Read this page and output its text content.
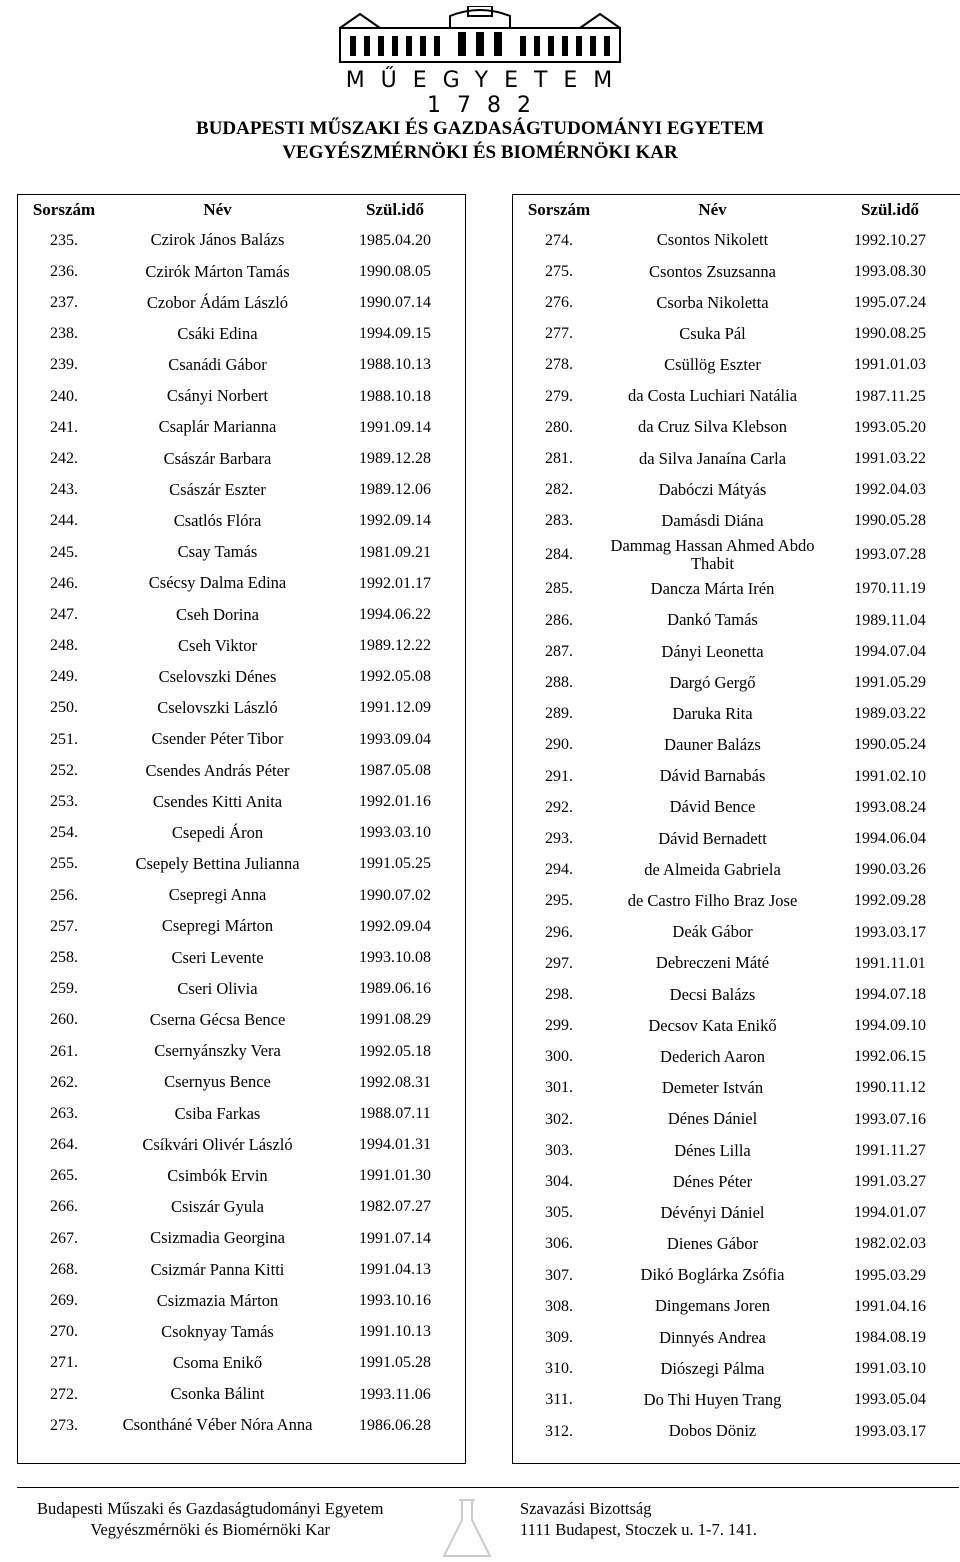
MŰEGYETEM 1782
BUDAPESTI MŰSZAKI ÉS GAZDASÁGTUDOMÁNYI EGYETEM
VEGYÉSZMÉRNÖKI ÉS BIOMÉRNÖKI KAR
Sorszám	Név	Szül.idő
235.	Czirok János Balázs	1985.04.20
236.	Czirók Márton Tamás	1990.08.05
237.	Czobor Ádám László	1990.07.14
238.	Csáki Edina	1994.09.15
239.	Csanádi Gábor	1988.10.13
240.	Csányi Norbert	1988.10.18
241.	Csaplár Marianna	1991.09.14
242.	Császár Barbara	1989.12.28
243.	Császár Eszter	1989.12.06
244.	Csatlós Flóra	1992.09.14
245.	Csay Tamás	1981.09.21
246.	Csécsy Dalma Edina	1992.01.17
247.	Cseh Dorina	1994.06.22
248.	Cseh Viktor	1989.12.22
249.	Cselovszki Dénes	1992.05.08
250.	Cselovszki László	1991.12.09
251.	Csender Péter Tibor	1993.09.04
252.	Csendes András Péter	1987.05.08
253.	Csendes Kitti Anita	1992.01.16
254.	Csepedi Áron	1993.03.10
255.	Csepely Bettina Julianna	1991.05.25
256.	Csepregi Anna	1990.07.02
257.	Csepregi Márton	1992.09.04
258.	Cseri Levente	1993.10.08
259.	Cseri Olivia	1989.06.16
260.	Cserna Gécsa Bence	1991.08.29
261.	Csernyánszky Vera	1992.05.18
262.	Csernyus Bence	1992.08.31
263.	Csiba Farkas	1988.07.11
264.	Csíkvári Olivér László	1994.01.31
265.	Csimbók Ervin	1991.01.30
266.	Csiszár Gyula	1982.07.27
267.	Csizmadia Georgina	1991.07.14
268.	Csizmár Panna Kitti	1991.04.13
269.	Csizmazia Márton	1993.10.16
270.	Csoknyay Tamás	1991.10.13
271.	Csoma Enikő	1991.05.28
272.	Csonka Bálint	1993.11.06
273.	Csontháné Véber Nóra Anna	1986.06.28
Sorszám	Név	Szül.idő
274.	Csontos Nikolett	1992.10.27
275.	Csontos Zsuzsanna	1993.08.30
276.	Csorba Nikoletta	1995.07.24
277.	Csuka Pál	1990.08.25
278.	Csüllög Eszter	1991.01.03
279.	da Costa Luchiari Natália	1987.11.25
280.	da Cruz Silva Klebson	1993.05.20
281.	da Silva Janaína Carla	1991.03.22
282.	Dabóczi Mátyás	1992.04.03
283.	Damásdi Diána	1990.05.28
284.	Dammag Hassan Ahmed Abdo Thabit	1993.07.28
285.	Dancza Márta Irén	1970.11.19
286.	Dankó Tamás	1989.11.04
287.	Dányi Leonetta	1994.07.04
288.	Dargó Gergő	1991.05.29
289.	Daruka Rita	1989.03.22
290.	Dauner Balázs	1990.05.24
291.	Dávid Barnabás	1991.02.10
292.	Dávid Bence	1993.08.24
293.	Dávid Bernadett	1994.06.04
294.	de Almeida Gabriela	1990.03.26
295.	de Castro Filho Braz Jose	1992.09.28
296.	Deák Gábor	1993.03.17
297.	Debreczeni Máté	1991.11.01
298.	Decsi Balázs	1994.07.18
299.	Decsov Kata Enikő	1994.09.10
300.	Dederich Aaron	1992.06.15
301.	Demeter István	1990.11.12
302.	Dénes Dániel	1993.07.16
303.	Dénes Lilla	1991.11.27
304.	Dénes Péter	1991.03.27
305.	Dévényi Dániel	1994.01.07
306.	Dienes Gábor	1982.02.03
307.	Dikó Boglárka Zsófia	1995.03.29
308.	Dingemans Joren	1991.04.16
309.	Dinnyés Andrea	1984.08.19
310.	Diószegi Pálma	1991.03.10
311.	Do Thi Huyen Trang	1993.05.04
312.	Dobos Döniz	1993.03.17
Budapesti Műszaki és Gazdaságtudományi Egyetem
Vegyészmérnöki és Biomérnöki Kar
Szavazási Bizottság
1111 Budapest, Stoczek u. 1-7. 141.
